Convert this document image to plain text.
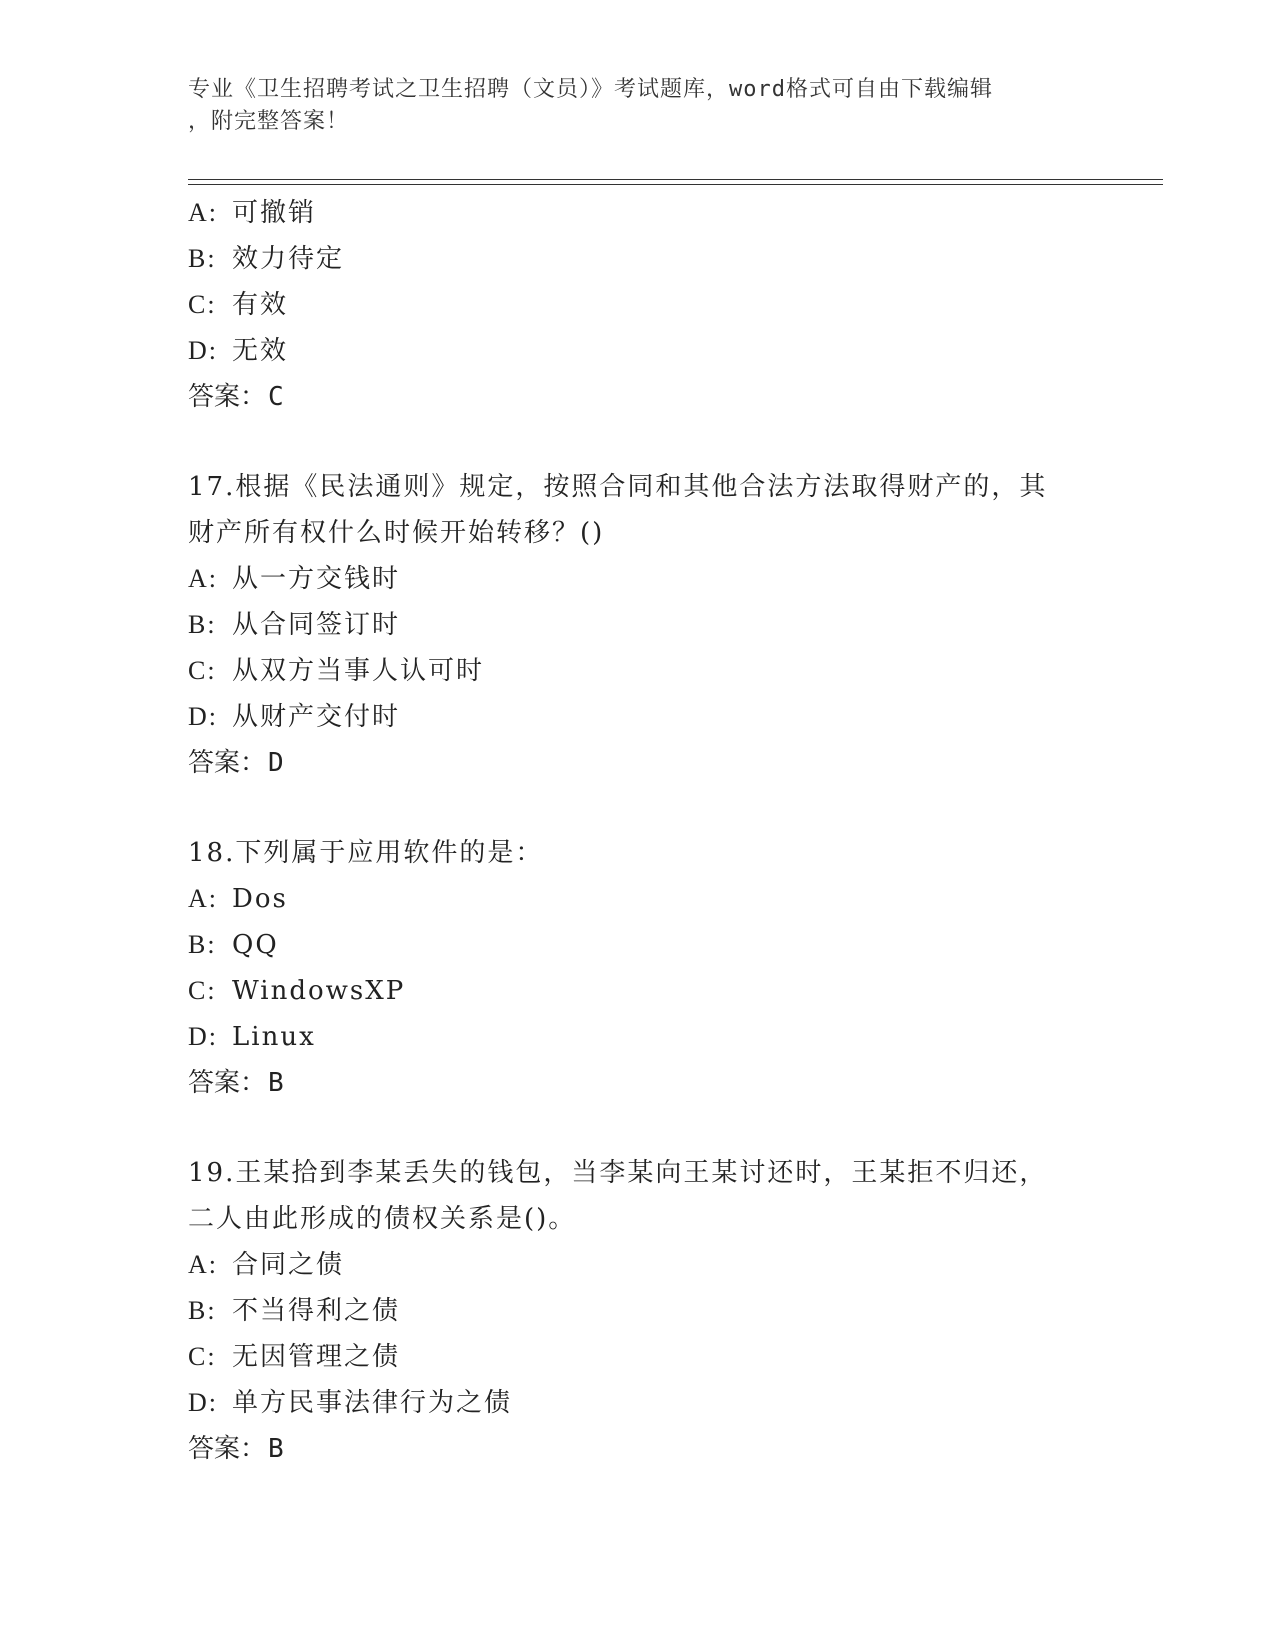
专业《卫生招聘考试之卫生招聘（文员）》考试题库，word格式可自由下载编辑
，附完整答案！
A: 可撤销
B: 效力待定
C: 有效
D: 无效
答案：C
17.根据《民法通则》规定，按照合同和其他合法方法取得财产的，其
财产所有权什么时候开始转移？()
A: 从一方交钱时
B: 从合同签订时
C: 从双方当事人认可时
D: 从财产交付时
答案：D
18.下列属于应用软件的是：
A: Dos
B: QQ
C: WindowsXP
D: Linux
答案：B
19.王某拾到李某丢失的钱包，当李某向王某讨还时，王某拒不归还，
二人由此形成的债权关系是()。
A: 合同之债
B: 不当得利之债
C: 无因管理之债
D: 单方民事法律行为之债
答案：B
